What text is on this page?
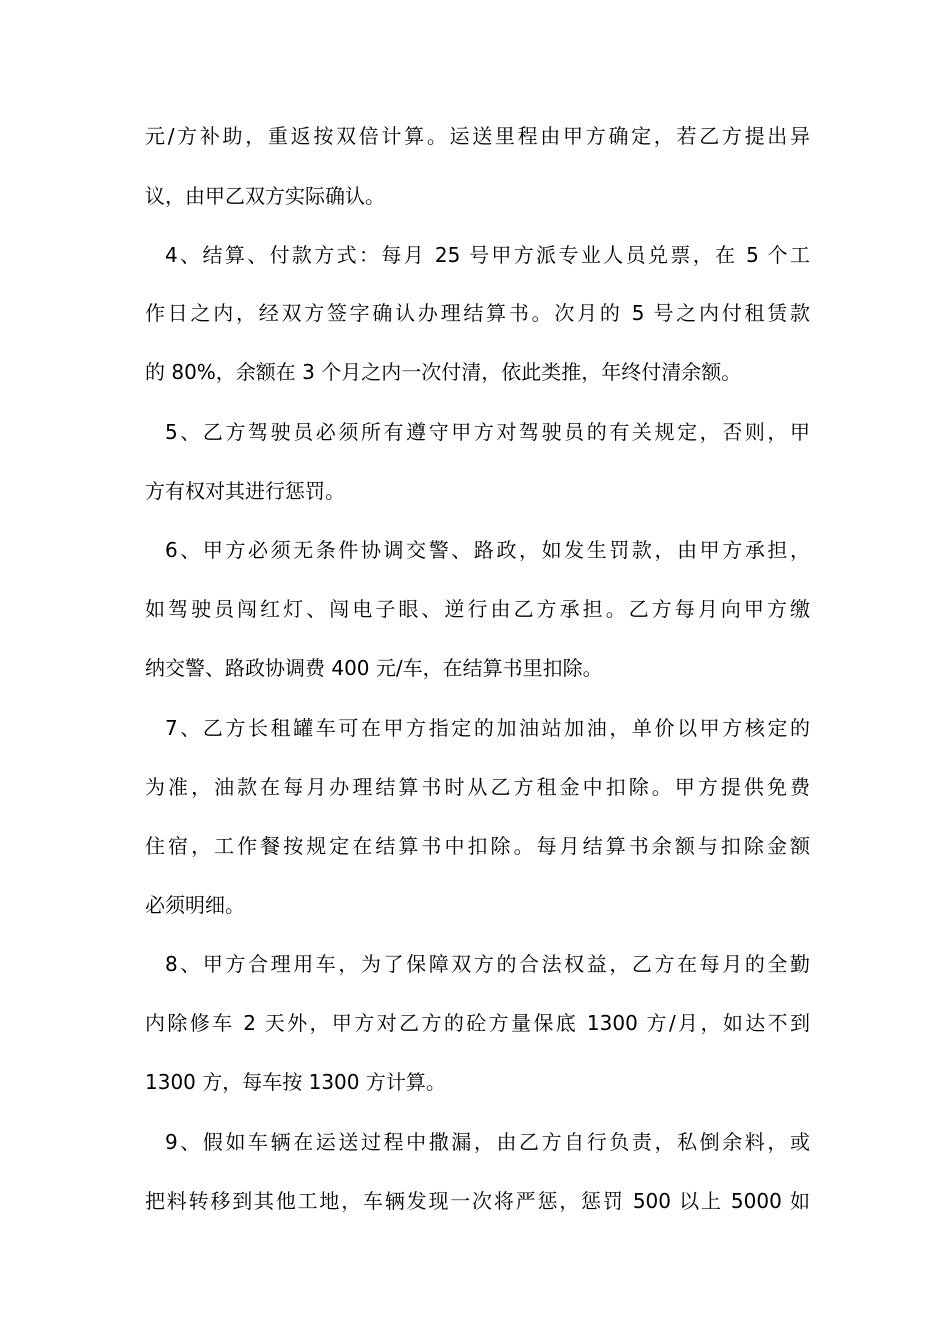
元/方补助，重返按双倍计算。运送里程由甲方确定，若乙方提出异
议，由甲乙双方实际确认。
4、结算、付款方式：每月 25 号甲方派专业人员兑票，在 5 个工
作日之内，经双方签字确认办理结算书。次月的 5 号之内付租赁款
的 80%，余额在 3 个月之内一次付清，依此类推，年终付清余额。
5、乙方驾驶员必须所有遵守甲方对驾驶员的有关规定，否则，甲
方有权对其进行惩罚。
6、甲方必须无条件协调交警、路政，如发生罚款，由甲方承担，
如驾驶员闯红灯、闯电子眼、逆行由乙方承担。乙方每月向甲方缴
纳交警、路政协调费 400 元/车，在结算书里扣除。
7、乙方长租罐车可在甲方指定的加油站加油，单价以甲方核定的
为准，油款在每月办理结算书时从乙方租金中扣除。甲方提供免费
住宿，工作餐按规定在结算书中扣除。每月结算书余额与扣除金额
必须明细。
8、甲方合理用车，为了保障双方的合法权益，乙方在每月的全勤
内除修车 2 天外，甲方对乙方的砼方量保底 1300 方/月，如达不到
1300 方，每车按 1300 方计算。
9、假如车辆在运送过程中撒漏，由乙方自行负责，私倒余料，或
把料转移到其他工地，车辆发现一次将严惩，惩罚 500 以上 5000 如
